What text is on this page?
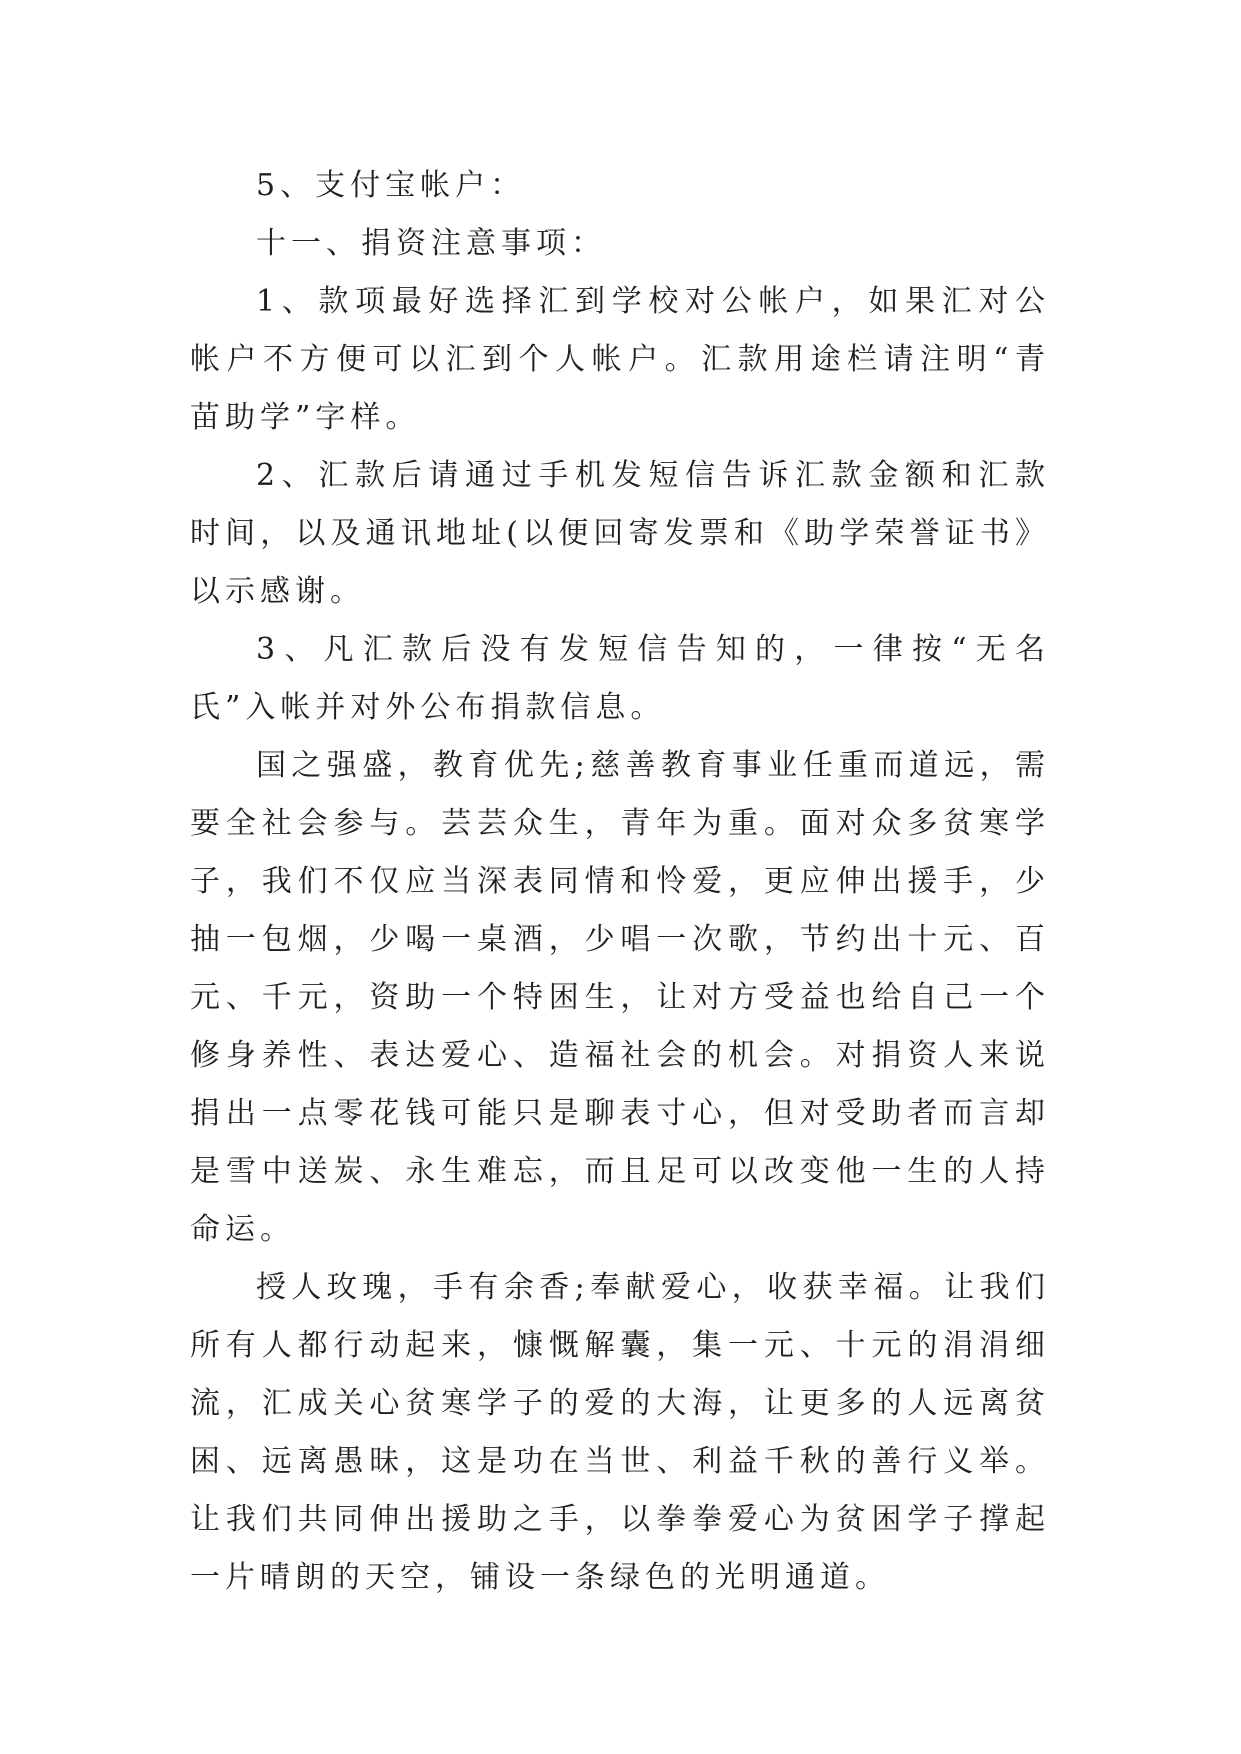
5、支付宝帐户：

十一、捐资注意事项：

1、款项最好选择汇到学校对公帐户，如果汇对公帐户不方便可以汇到个人帐户。汇款用途栏请注明“青苗助学”字样。

2、汇款后请通过手机发短信告诉汇款金额和汇款时间，以及通讯地址(以便回寄发票和《助学荣誉证书》以示感谢。

3、凡汇款后没有发短信告知的，一律按“无名氏”入帐并对外公布捐款信息。

国之强盛，教育优先;慈善教育事业任重而道远，需要全社会参与。芸芸众生，青年为重。面对众多贫寒学子，我们不仅应当深表同情和怜爱，更应伸出援手，少抽一包烟，少喝一桌酒，少唱一次歌，节约出十元、百元、千元，资助一个特困生，让对方受益也给自己一个修身养性、表达爱心、造福社会的机会。对捐资人来说捐出一点零花钱可能只是聊表寸心，但对受助者而言却是雪中送炭、永生难忘，而且足可以改变他一生的人持命运。

授人玫瑰，手有余香;奉献爱心，收获幸福。让我们所有人都行动起来，慷慨解囊，集一元、十元的涓涓细流，汇成关心贫寒学子的爱的大海，让更多的人远离贫困、远离愚昧，这是功在当世、利益千秋的善行义举。让我们共同伸出援助之手，以拳拳爱心为贫困学子撑起一片晴朗的天空，铺设一条绿色的光明通道。
